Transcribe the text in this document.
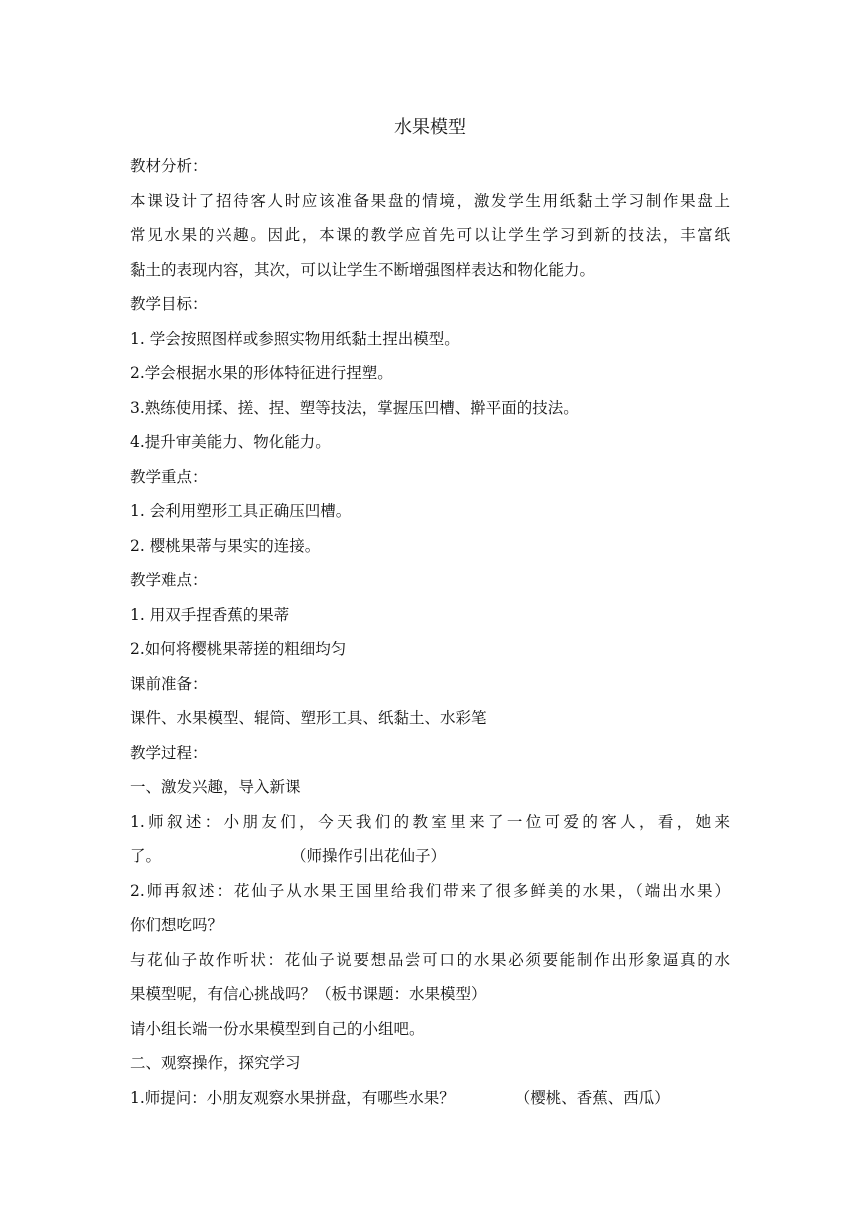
水果模型
教材分析：
本课设计了招待客人时应该准备果盘的情境，激发学生用纸黏土学习制作果盘上
常见水果的兴趣。因此，本课的教学应首先可以让学生学习到新的技法，丰富纸
黏土的表现内容，其次，可以让学生不断增强图样表达和物化能力。
教学目标：
1. 学会按照图样或参照实物用纸黏土捏出模型。
2.学会根据水果的形体特征进行捏塑。
3.熟练使用揉、搓、捏、塑等技法，掌握压凹槽、擀平面的技法。
4.提升审美能力、物化能力。
教学重点：
1. 会利用塑形工具正确压凹槽。
2. 樱桃果蒂与果实的连接。
教学难点：
1. 用双手捏香蕉的果蒂
2.如何将樱桃果蒂搓的粗细均匀
课前准备：
课件、水果模型、辊筒、塑形工具、纸黏土、水彩笔
教学过程：
一、激发兴趣，导入新课
1.师叙述：小朋友们，今天我们的教室里来了一位可爱的客人，看，她来
了。	（师操作引出花仙子）
2.师再叙述：花仙子从水果王国里给我们带来了很多鲜美的水果，（端出水果）
你们想吃吗？
与花仙子故作听状：花仙子说要想品尝可口的水果必须要能制作出形象逼真的水
果模型呢，有信心挑战吗？（板书课题：水果模型）
请小组长端一份水果模型到自己的小组吧。
二、观察操作，探究学习
1.师提问：小朋友观察水果拼盘，有哪些水果？	（樱桃、香蕉、西瓜）
